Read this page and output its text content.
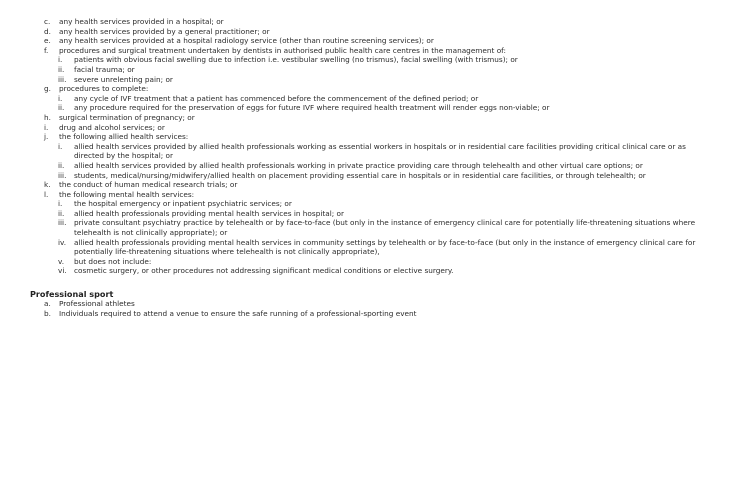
c. any health services provided in a hospital; or
d. any health services provided by a general practitioner; or
e. any health services provided at a hospital radiology service (other than routine screening services); or
f. procedures and surgical treatment undertaken by dentists in authorised public health care centres in the management of:
i. patients with obvious facial swelling due to infection i.e. vestibular swelling (no trismus), facial swelling (with trismus); or
ii. facial trauma; or
iii. severe unrelenting pain; or
g. procedures to complete:
i. any cycle of IVF treatment that a patient has commenced before the commencement of the defined period; or
ii. any procedure required for the preservation of eggs for future IVF where required health treatment will render eggs non-viable; or
h. surgical termination of pregnancy; or
i. drug and alcohol services; or
j. the following allied health services:
i. allied health services provided by allied health professionals working as essential workers in hospitals or in residential care facilities providing critical clinical care or as directed by the hospital; or
ii. allied health services provided by allied health professionals working in private practice providing care through telehealth and other virtual care options; or
iii. students, medical/nursing/midwifery/allied health on placement providing essential care in hospitals or in residential care facilities, or through telehealth; or
k. the conduct of human medical research trials; or
l. the following mental health services:
i. the hospital emergency or inpatient psychiatric services; or
ii. allied health professionals providing mental health services in hospital; or
iii. private consultant psychiatry practice by telehealth or by face-to-face (but only in the instance of emergency clinical care for potentially life-threatening situations where telehealth is not clinically appropriate); or
iv. allied health professionals providing mental health services in community settings by telehealth or by face-to-face (but only in the instance of emergency clinical care for potentially life-threatening situations where telehealth is not clinically appropriate),
v. but does not include:
vi. cosmetic surgery, or other procedures not addressing significant medical conditions or elective surgery.
Professional sport
a. Professional athletes
b. Individuals required to attend a venue to ensure the safe running of a professional-sporting event
